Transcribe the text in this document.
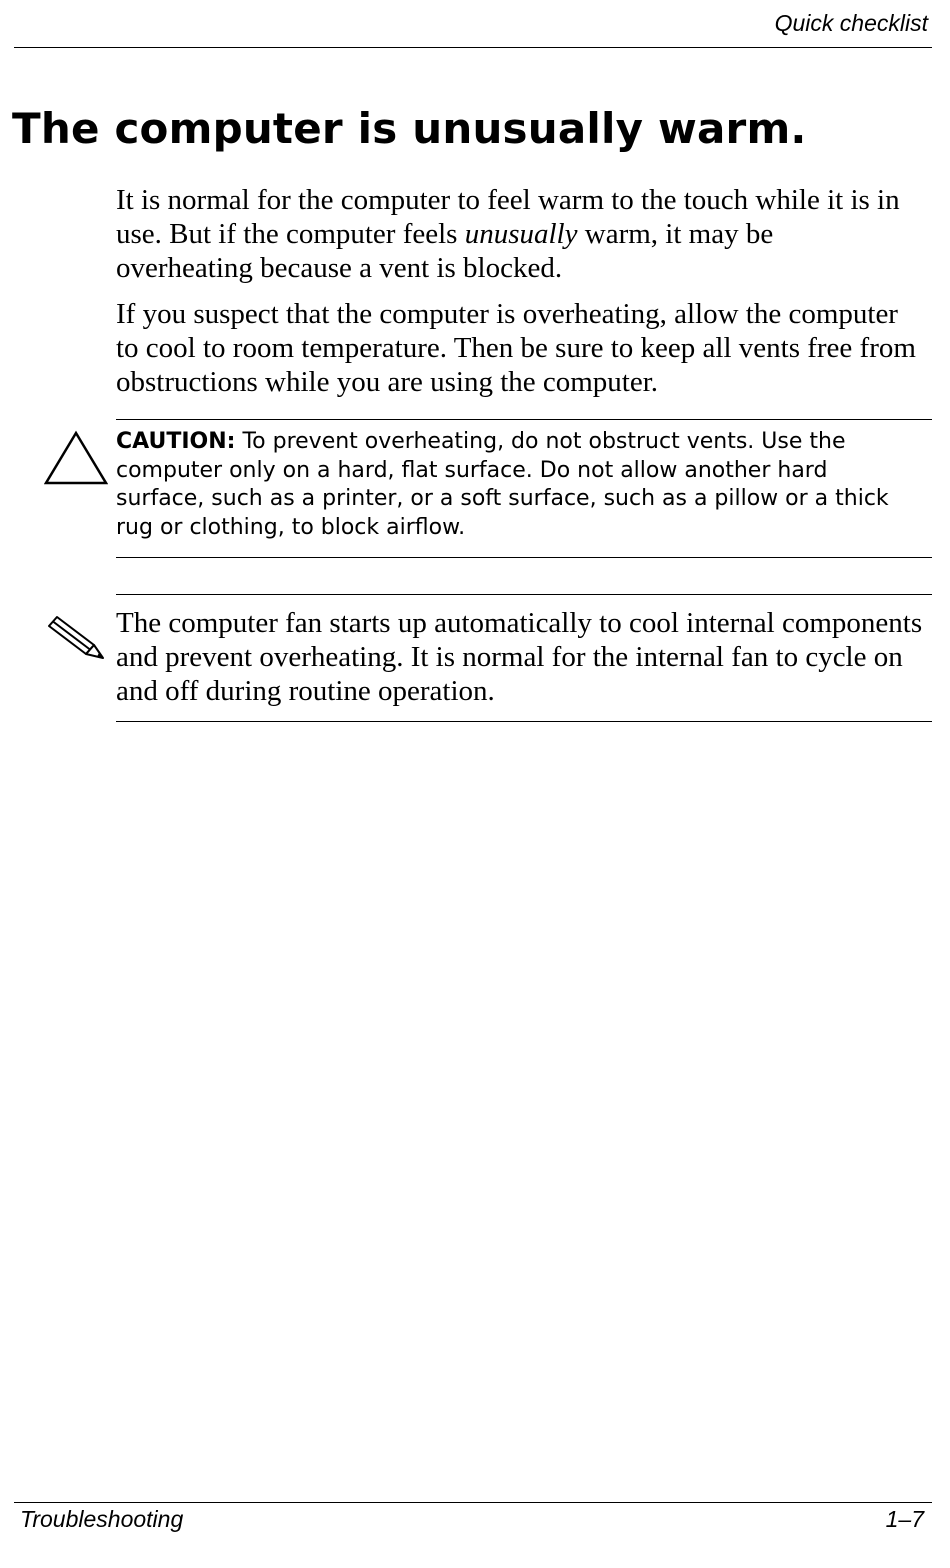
Quick checklist
The computer is unusually warm.

It is normal for the computer to feel warm to the touch while it is in use. But if the computer feels unusually warm, it may be overheating because a vent is blocked.

If you suspect that the computer is overheating, allow the computer to cool to room temperature. Then be sure to keep all vents free from obstructions while you are using the computer.

CAUTION: To prevent overheating, do not obstruct vents. Use the computer only on a hard, flat surface. Do not allow another hard surface, such as a printer, or a soft surface, such as a pillow or a thick rug or clothing, to block airflow.

The computer fan starts up automatically to cool internal components and prevent overheating. It is normal for the internal fan to cycle on and off during routine operation.

Troubleshooting	1–7
